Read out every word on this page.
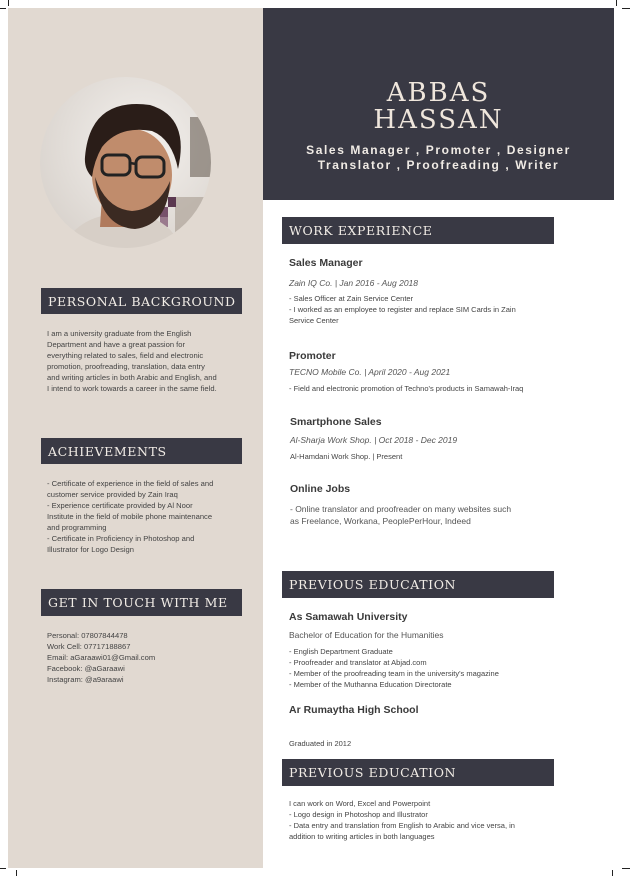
PERSONAL BACKGROUND
I am a university graduate from the English
Department and have a great passion for
everything related to sales, field and electronic
promotion, proofreading, translation, data entry
and writing articles in both Arabic and English, and
I intend to work towards a career in the same field.
ACHIEVEMENTS
- Certificate of experience in the field of sales and
customer service provided by Zain Iraq
- Experience certificate provided by Al Noor
Institute in the field of mobile phone maintenance
and programming
- Certificate in Proficiency in Photoshop and
Illustrator for Logo Design
GET IN TOUCH WITH ME
Personal: 07807844478
Work Cell: 07717188867
Email: aGaraawi01@Gmail.com
Facebook: @aGaraawi
Instagram: @a9araawi
ABBAS
HASSAN
Sales Manager , Promoter , Designer
Translator , Proofreading , Writer
WORK EXPERIENCE
Sales Manager
Zain IQ Co. | Jan 2016 - Aug 2018
- Sales Officer at Zain Service Center
- I worked as an employee to register and replace SIM Cards in Zain
Service Center
Promoter
TECNO Mobile Co. | April 2020 - Aug 2021
- Field and electronic promotion of Techno's products in Samawah-Iraq
Smartphone Sales
Al-Sharja Work Shop. | Oct 2018 - Dec 2019
Al-Hamdani Work Shop. | Present
Online Jobs
- Online translator and proofreader on many websites such
as Freelance, Workana, PeoplePerHour, Indeed
PREVIOUS EDUCATION
As Samawah University
Bachelor of Education for the Humanities
- English Department Graduate
- Proofreader and translator at Abjad.com
- Member of the proofreading team in the university's magazine
- Member of the Muthanna Education Directorate
Ar Rumaytha High School
Graduated in 2012
PREVIOUS EDUCATION
I can work on Word, Excel and Powerpoint
- Logo design in Photoshop and Illustrator
- Data entry and translation from English to Arabic and vice versa, in
addition to writing articles in both languages
